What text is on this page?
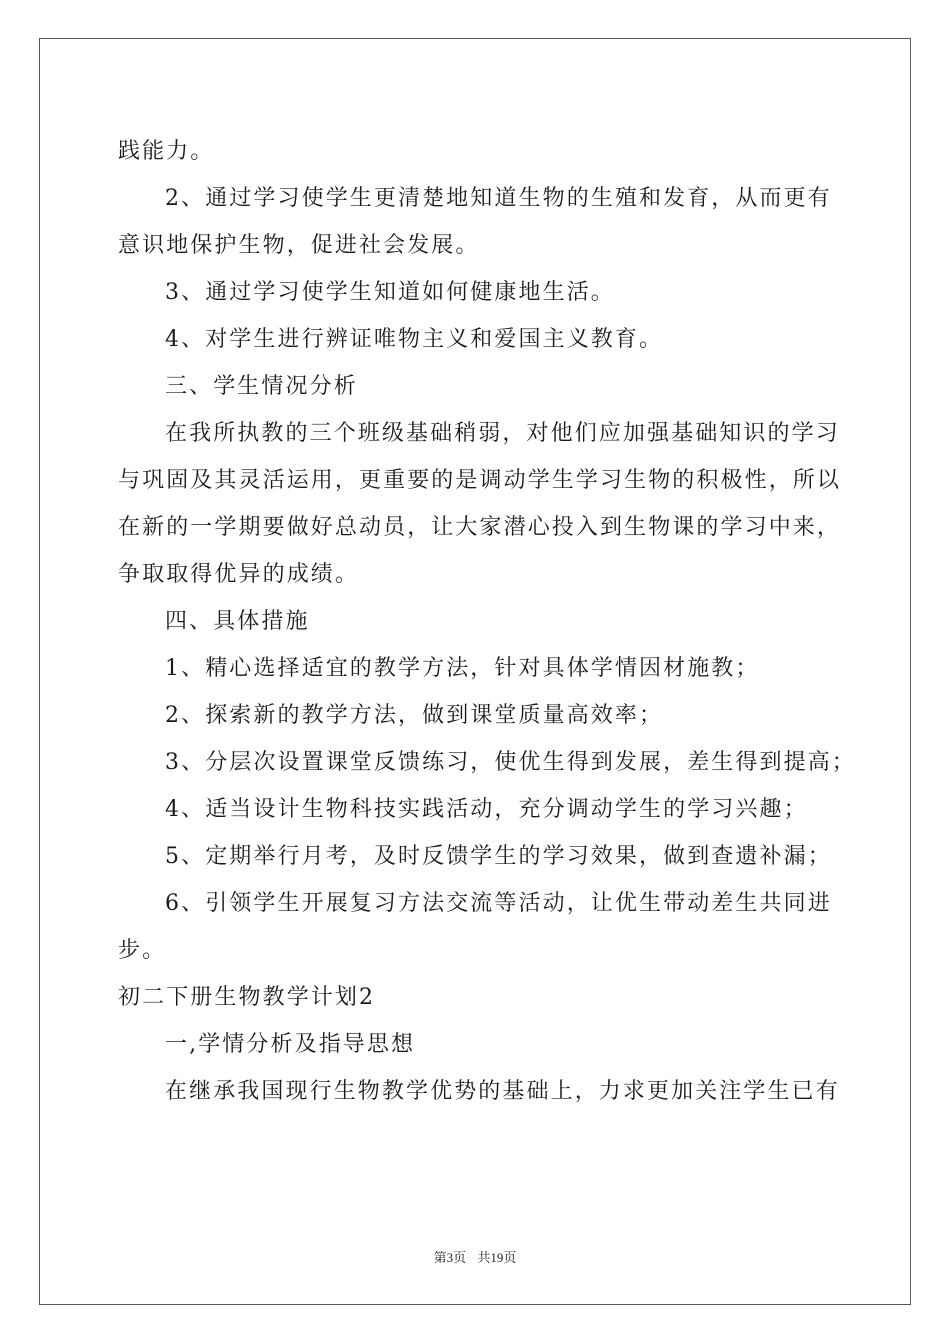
践能力。
2、通过学习使学生更清楚地知道生物的生殖和发育，从而更有
意识地保护生物，促进社会发展。
3、通过学习使学生知道如何健康地生活。
4、对学生进行辨证唯物主义和爱国主义教育。
三、学生情况分析
在我所执教的三个班级基础稍弱，对他们应加强基础知识的学习
与巩固及其灵活运用，更重要的是调动学生学习生物的积极性，所以
在新的一学期要做好总动员，让大家潜心投入到生物课的学习中来，
争取取得优异的成绩。
四、具体措施
1、精心选择适宜的教学方法，针对具体学情因材施教；
2、探索新的教学方法，做到课堂质量高效率；
3、分层次设置课堂反馈练习，使优生得到发展，差生得到提高；
4、适当设计生物科技实践活动，充分调动学生的学习兴趣；
5、定期举行月考，及时反馈学生的学习效果，做到查遗补漏；
6、引领学生开展复习方法交流等活动，让优生带动差生共同进
步。
初二下册生物教学计划2
一,学情分析及指导思想
在继承我国现行生物教学优势的基础上，力求更加关注学生已有
第3页 共19页
